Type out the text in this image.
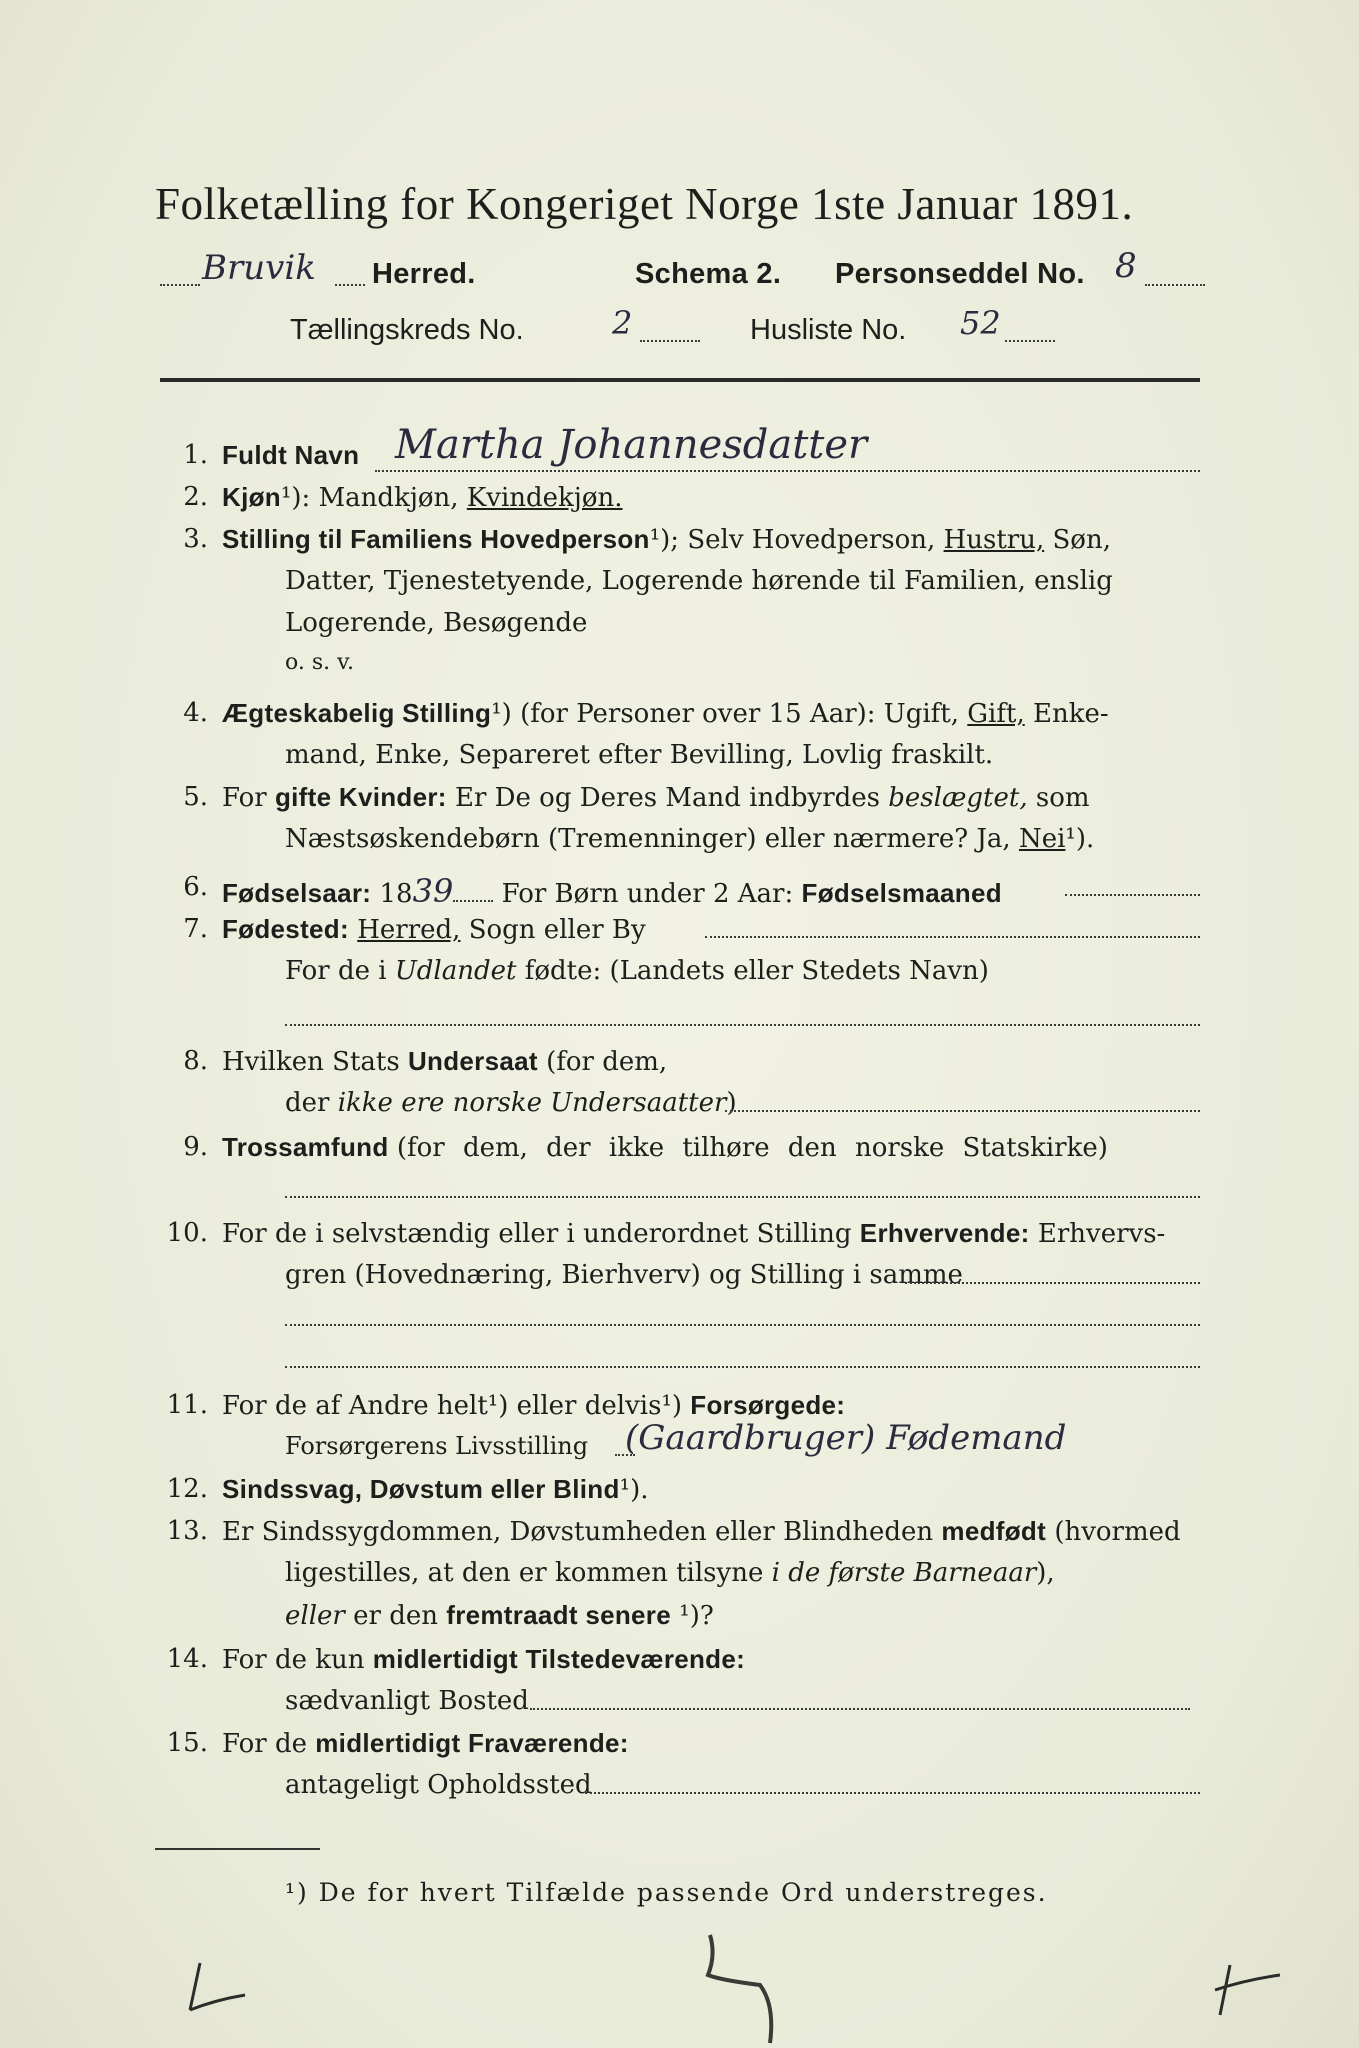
Folketælling for Kongeriget Norge 1ste Januar 1891.
Bruvik Herred.	Schema 2. Personseddel No. 8
Tællingskreds No.	2	Husliste No. 52
1. Fuldt Navn Martha Johannesdatter
2. Kjøn¹): Mandkjøn, Kvindekjøn.
3. Stilling til Familiens Hovedperson¹); Selv Hovedperson, Hustru, Søn,
Datter, Tjenestetyende, Logerende hørende til Familien, enslig
Logerende, Besøgende
o. s. v.
4. Ægteskabelig Stilling¹) (for Personer over 15 Aar): Ugift, Gift, Enke-
mand, Enke, Separeret efter Bevilling, Lovlig fraskilt.
5. For gifte Kvinder: Er De og Deres Mand indbyrdes beslægtet, som
Næstsøskendebørn (Tremenninger) eller nærmere? Ja, Nei¹).
6. Fødselsaar: 1839 For Børn under 2 Aar: Fødselsmaaned
7. Fødested: Herred, Sogn eller By
For de i Udlandet fødte: (Landets eller Stedets Navn)
8. Hvilken Stats Undersaat (for dem,
der ikke ere norske Undersaatter)
9. Trossamfund (for dem, der ikke tilhøre den norske Statskirke)
10. For de i selvstændig eller i underordnet Stilling Erhvervende: Erhvervs-
gren (Hovednæring, Bierhverv) og Stilling i samme
11. For de af Andre helt¹) eller delvis¹) Forsørgede:
Forsørgerens Livsstilling (Gaardbruger) Fødemand
12. Sindssvag, Døvstum eller Blind¹).
13. Er Sindssygdommen, Døvstumheden eller Blindheden medfødt (hvormed
ligestilles, at den er kommen tilsyne i de første Barneaar),
eller er den fremtraadt senere ¹)?
14. For de kun midlertidigt Tilstedeværende:
sædvanligt Bosted
15. For de midlertidigt Fraværende:
antageligt Opholdssted
¹) De for hvert Tilfælde passende Ord understreges.
